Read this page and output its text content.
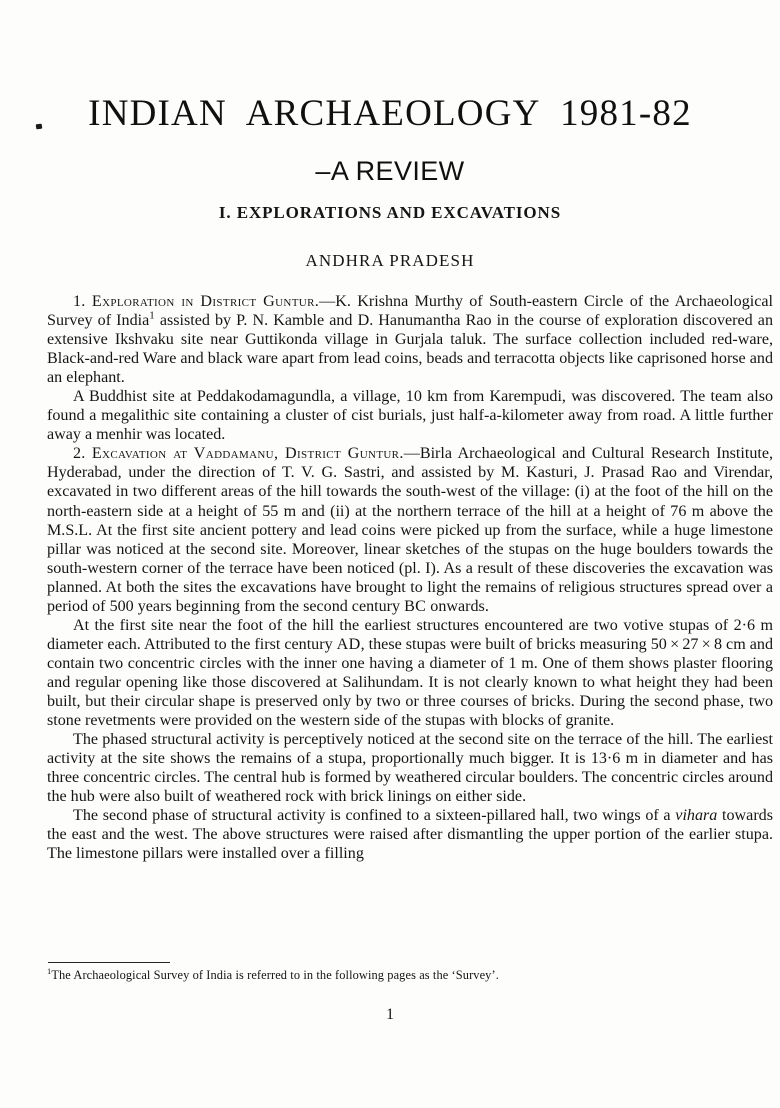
INDIAN  ARCHAEOLOGY  1981-82
–A REVIEW
I. EXPLORATIONS AND EXCAVATIONS
ANDHRA PRADESH

1. Exploration in District Guntur.—K. Krishna Murthy of South-eastern Circle of the Archaeological Survey of India$^1$ assisted by P. N. Kamble and D. Hanumantha Rao in the course of exploration discovered an extensive Ikshvaku site near Guttikonda village in Gurjala taluk. The surface collection included red-ware, Black-and-red Ware and black ware apart from lead coins, beads and terracotta objects like caprisoned horse and an elephant.

A Buddhist site at Peddakodamagundla, a village, 10 km from Karempudi, was discovered. The team also found a megalithic site containing a cluster of cist burials, just half-a-kilometer away from road. A little further away a menhir was located.

2. Excavation at Vaddamanu, District Guntur.—Birla Archaeological and Cultural Research Institute, Hyderabad, under the direction of T. V. G. Sastri, and assisted by M. Kasturi, J. Prasad Rao and Virendar, excavated in two different areas of the hill towards the south-west of the village: (i) at the foot of the hill on the north-eastern side at a height of 55 m and (ii) at the northern terrace of the hill at a height of 76 m above the M.S.L. At the first site ancient pottery and lead coins were picked up from the surface, while a huge limestone pillar was noticed at the second site. Moreover, linear sketches of the stupas on the huge boulders towards the south-western corner of the terrace have been noticed (pl. I). As a result of these discoveries the excavation was planned. At both the sites the excavations have brought to light the remains of religious structures spread over a period of 500 years beginning from the second century BC onwards.

At the first site near the foot of the hill the earliest structures encountered are two votive stupas of 2·6 m diameter each. Attributed to the first century AD, these stupas were built of bricks measuring 50 × 27 × 8 cm and contain two concentric circles with the inner one having a diameter of 1 m. One of them shows plaster flooring and regular opening like those discovered at Salihundam. It is not clearly known to what height they had been built, but their circular shape is preserved only by two or three courses of bricks. During the second phase, two stone revetments were provided on the western side of the stupas with blocks of granite.

The phased structural activity is perceptively noticed at the second site on the terrace of the hill. The earliest activity at the site shows the remains of a stupa, proportionally much bigger. It is 13·6 m in diameter and has three concentric circles. The central hub is formed by weathered circular boulders. The concentric circles around the hub were also built of weathered rock with brick linings on either side.

The second phase of structural activity is confined to a sixteen-pillared hall, two wings of a vihara towards the east and the west. The above structures were raised after dismantling the upper portion of the earlier stupa. The limestone pillars were installed over a filling

$^1$The Archaeological Survey of India is referred to in the following pages as the ‘Survey’.
1
